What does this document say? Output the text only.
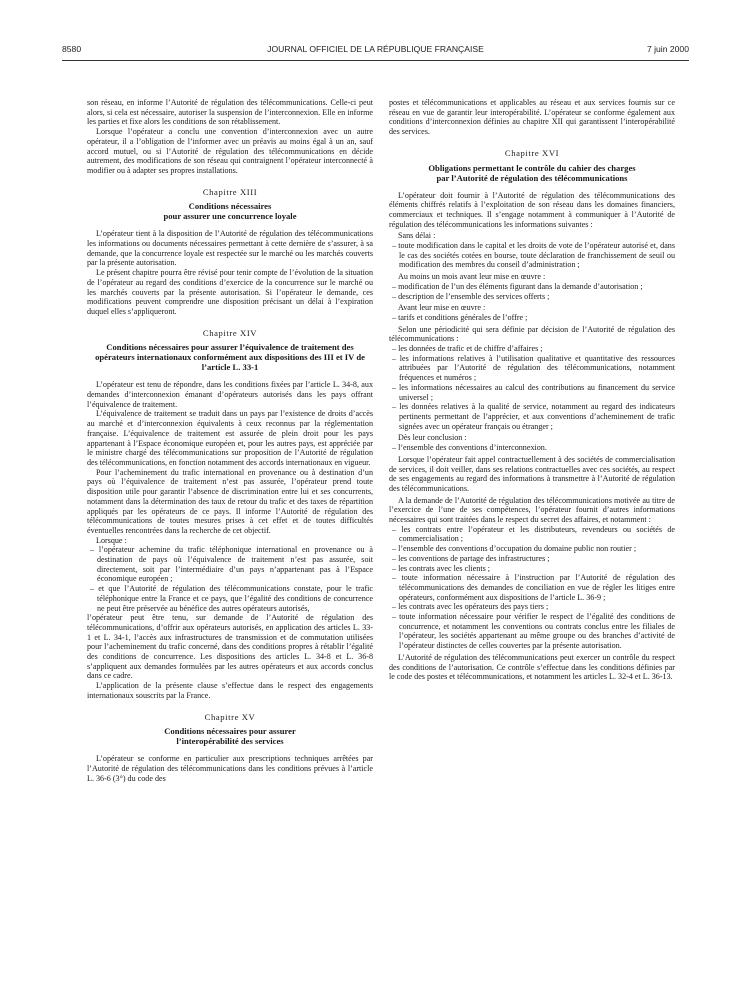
8580	JOURNAL OFFICIEL DE LA RÉPUBLIQUE FRANÇAISE	7 juin 2000

son réseau, en informe l’Autorité de régulation des télécommunications. Celle-ci peut alors, si cela est nécessaire, autoriser la suspension de l’interconnexion. Elle en informe les parties et fixe alors les conditions de son rétablissement.

Lorsque l’opérateur a conclu une convention d’interconnexion avec un autre opérateur, il a l’obligation de l’informer avec un préavis au moins égal à un an, sauf accord mutuel, ou si l’Autorité de régulation des télécommunications en décide autrement, des modifications de son réseau qui contraignent l’opérateur interconnecté à modifier ou à adapter ses propres installations.

Chapitre XIII
Conditions nécessaires
pour assurer une concurrence loyale

L’opérateur tient à la disposition de l’Autorité de régulation des télécommunications les informations ou documents nécessaires permettant à cette dernière de s’assurer, à sa demande, que la concurrence loyale est respectée sur le marché ou les marchés couverts par la présente autorisation.

Le présent chapitre pourra être révisé pour tenir compte de l’évolution de la situation de l’opérateur au regard des conditions d’exercice de la concurrence sur le marché ou les marchés couverts par la présente autorisation. Si l’opérateur le demande, ces modifications peuvent comprendre une disposition précisant un délai à l’expiration duquel elles s’appliqueront.

Chapitre XIV
Conditions nécessaires pour assurer l’équivalence de traitement des opérateurs internationaux conformément aux dispositions des III et IV de l’article L. 33-1

L’opérateur est tenu de répondre, dans les conditions fixées par l’article L. 34-8, aux demandes d’interconnexion émanant d’opérateurs autorisés dans les pays offrant l’équivalence de traitement.

L’équivalence de traitement se traduit dans un pays par l’existence de droits d’accès au marché et d’interconnexion équivalents à ceux reconnus par la réglementation française. L’équivalence de traitement est assurée de plein droit pour les pays appartenant à l’Espace économique européen et, pour les autres pays, est appréciée par le ministre chargé des télécommunications sur proposition de l’Autorité de régulation des télécommunications, en fonction notamment des accords internationaux en vigueur.

Pour l’acheminement du trafic international en provenance ou à destination d’un pays où l’équivalence de traitement n’est pas assurée, l’opérateur prend toute disposition utile pour garantir l’absence de discrimination entre lui et ses concurrents, notamment dans la détermination des taux de retour du trafic et des taxes de répartition appliqués par les opérateurs de ce pays. Il informe l’Autorité de régulation des télécommunications de toutes mesures prises à cet effet et de toutes difficultés éventuelles rencontrées dans la recherche de cet objectif.

Lorsque :

– l’opérateur achemine du trafic téléphonique international en provenance ou à destination de pays où l’équivalence de traitement n’est pas assurée, soit directement, soit par l’intermédiaire d’un pays n’appartenant pas à l’Espace économique européen ;
– et que l’Autorité de régulation des télécommunications constate, pour le trafic téléphonique entre la France et ce pays, que l’égalité des conditions de concurrence ne peut être préservée au bénéfice des autres opérateurs autorisés,

l’opérateur peut être tenu, sur demande de l’Autorité de régulation des télécommunications, d’offrir aux opérateurs autorisés, en application des articles L. 33-1 et L. 34-1, l’accès aux infrastructures de transmission et de commutation utilisées pour l’acheminement du trafic concerné, dans des conditions propres à rétablir l’égalité des conditions de concurrence. Les dispositions des articles L. 34-8 et L. 36-8 s’appliquent aux demandes formulées par les autres opérateurs et aux accords conclus dans ce cadre.

L’application de la présente clause s’effectue dans le respect des engagements internationaux souscrits par la France.

Chapitre XV
Conditions nécessaires pour assurer
l’interopérabilité des services

L’opérateur se conforme en particulier aux prescriptions techniques arrêtées par l’Autorité de régulation des télécommunications dans les conditions prévues à l’article L. 36-6 (3°) du code des

postes et télécommunications et applicables au réseau et aux services fournis sur ce réseau en vue de garantir leur interopérabilité. L’opérateur se conforme également aux conditions d’interconnexion définies au chapitre XII qui garantissent l’interopérabilité des services.

Chapitre XVI
Obligations permettant le contrôle du cahier des charges
par l’Autorité de régulation des télécommunications

L’opérateur doit fournir à l’Autorité de régulation des télécommunications des éléments chiffrés relatifs à l’exploitation de son réseau dans les domaines financiers, commerciaux et techniques. Il s’engage notamment à communiquer à l’Autorité de régulation des télécommunications les informations suivantes :

Sans délai :

– toute modification dans le capital et les droits de vote de l’opérateur autorisé et, dans le cas des sociétés cotées en bourse, toute déclaration de franchissement de seuil ou modification des membres du conseil d’administration ;

Au moins un mois avant leur mise en œuvre :

– modification de l’un des éléments figurant dans la demande d’autorisation ;
– description de l’ensemble des services offerts ;

Avant leur mise en œuvre :

– tarifs et conditions générales de l’offre ;

Selon une périodicité qui sera définie par décision de l’Autorité de régulation des télécommunications :

– les données de trafic et de chiffre d’affaires ;
– les informations relatives à l’utilisation qualitative et quantitative des ressources attribuées par l’Autorité de régulation des télécommunications, notamment fréquences et numéros ;
– les informations nécessaires au calcul des contributions au financement du service universel ;
– les données relatives à la qualité de service, notamment au regard des indicateurs pertinents permettant de l’apprécier, et aux conventions d’acheminement de trafic signées avec un opérateur français ou étranger ;

Dès leur conclusion :

– l’ensemble des conventions d’interconnexion.

Lorsque l’opérateur fait appel contractuellement à des sociétés de commercialisation de services, il doit veiller, dans ses relations contractuelles avec ces sociétés, au respect de ses engagements au regard des informations à transmettre à l’Autorité de régulation des télécommunications.

A la demande de l’Autorité de régulation des télécommunications motivée au titre de l’exercice de l’une de ses compétences, l’opérateur fournit d’autres informations nécessaires qui sont traitées dans le respect du secret des affaires, et notamment :

– les contrats entre l’opérateur et les distributeurs, revendeurs ou sociétés de commercialisation ;
– l’ensemble des conventions d’occupation du domaine public non routier ;
– les conventions de partage des infrastructures ;
– les contrats avec les clients ;
– toute information nécessaire à l’instruction par l’Autorité de régulation des télécommunications des demandes de conciliation en vue de régler les litiges entre opérateurs, conformément aux dispositions de l’article L. 36-9 ;
– les contrats avec les opérateurs des pays tiers ;
– toute information nécessaire pour vérifier le respect de l’égalité des conditions de concurrence, et notamment les conventions ou contrats conclus entre les filiales de l’opérateur, les sociétés appartenant au même groupe ou des branches d’activité de l’opérateur distinctes de celles couvertes par la présente autorisation.

L’Autorité de régulation des télécommunications peut exercer un contrôle du respect des conditions de l’autorisation. Ce contrôle s’effectue dans les conditions définies par le code des postes et télécommunications, et notamment les articles L. 32-4 et L. 36-13.
